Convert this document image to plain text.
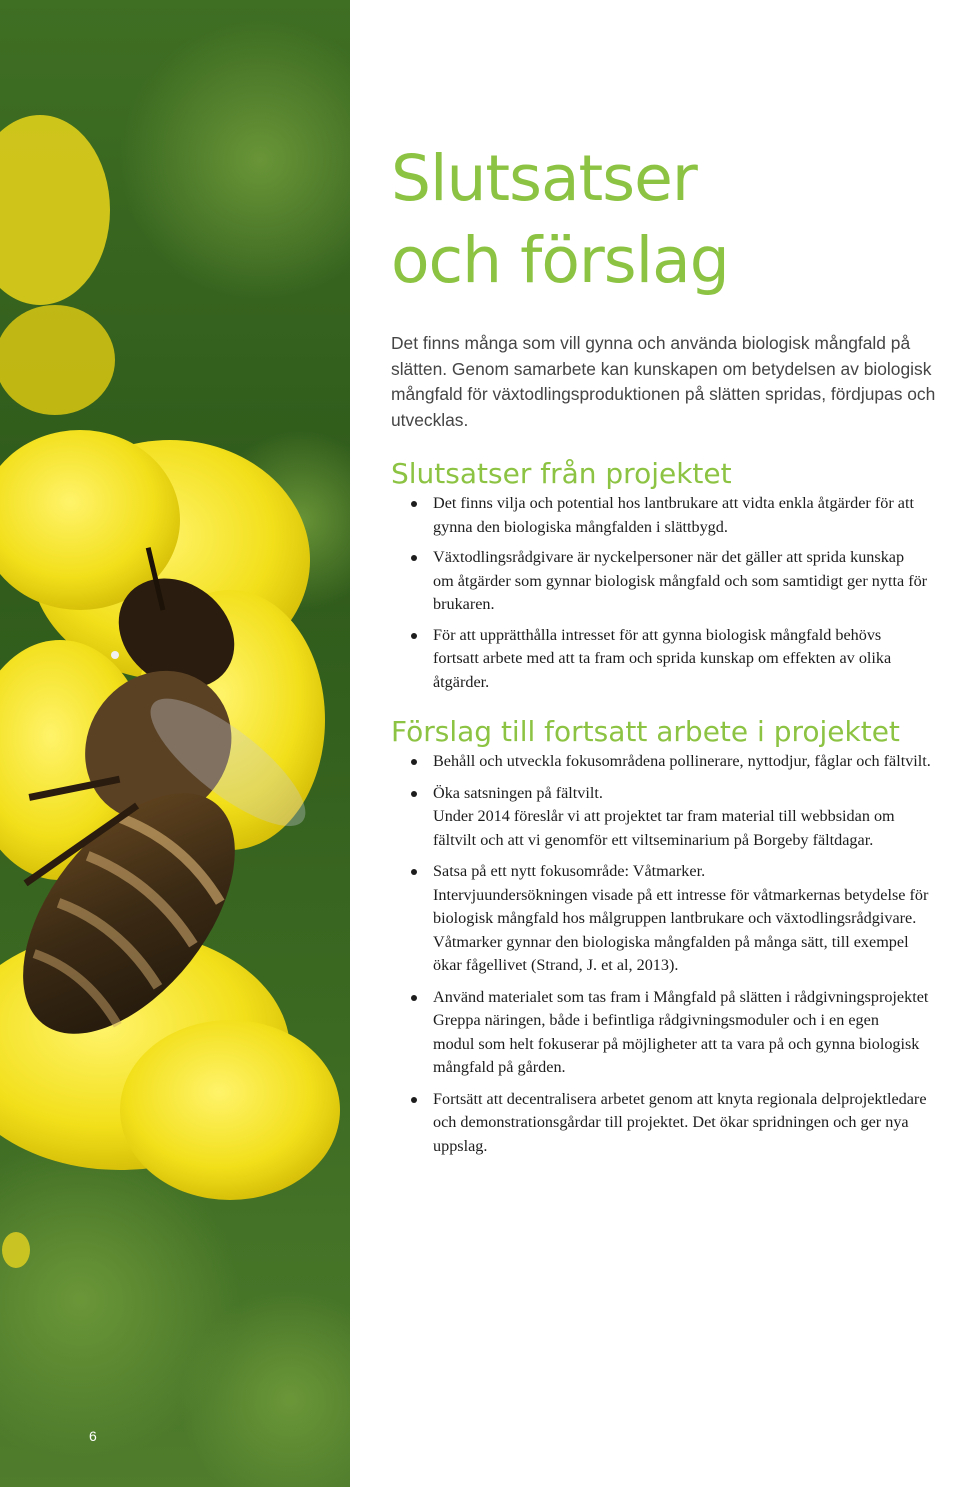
6
Slutsatser
och förslag

Det finns många som vill gynna och använda biologisk mångfald på slätten. Genom samarbete kan kunskapen om betydelsen av biologisk mångfald för växtodlingsproduktionen på slätten spridas, fördjupas och utvecklas.

Slutsatser från projektet
Det finns vilja och potential hos lantbrukare att vidta enkla åtgärder för att
gynna den biologiska mångfalden i slättbygd.
Växtodlingsrådgivare är nyckelpersoner när det gäller att sprida kunskap
om åtgärder som gynnar biologisk mångfald och som samtidigt ger nytta för
brukaren.
För att upprätthålla intresset för att gynna biologisk mångfald behövs
fortsatt arbete med att ta fram och sprida kunskap om effekten av olika
åtgärder.
Förslag till fortsatt arbete i projektet
Behåll och utveckla fokusområdena pollinerare, nyttodjur, fåglar och fältvilt.
Öka satsningen på fältvilt.
Under 2014 föreslår vi att projektet tar fram material till webbsidan om
fältvilt och att vi genomför ett viltseminarium på Borgeby fältdagar.
Satsa på ett nytt fokusområde: Våtmarker.
Intervjuundersökningen visade på ett intresse för våtmarkernas betydelse för
biologisk mångfald hos målgruppen lantbrukare och växtodlingsrådgivare.
Våtmarker gynnar den biologiska mångfalden på många sätt, till exempel
ökar fågellivet (Strand, J. et al, 2013).
Använd materialet som tas fram i Mångfald på slätten i rådgivningsprojektet
Greppa näringen, både i befintliga rådgivningsmoduler och i en egen
modul som helt fokuserar på möjligheter att ta vara på och gynna biologisk
mångfald på gården.
Fortsätt att decentralisera arbetet genom att knyta regionala delprojektledare
och demonstrationsgårdar till projektet. Det ökar spridningen och ger nya
uppslag.
